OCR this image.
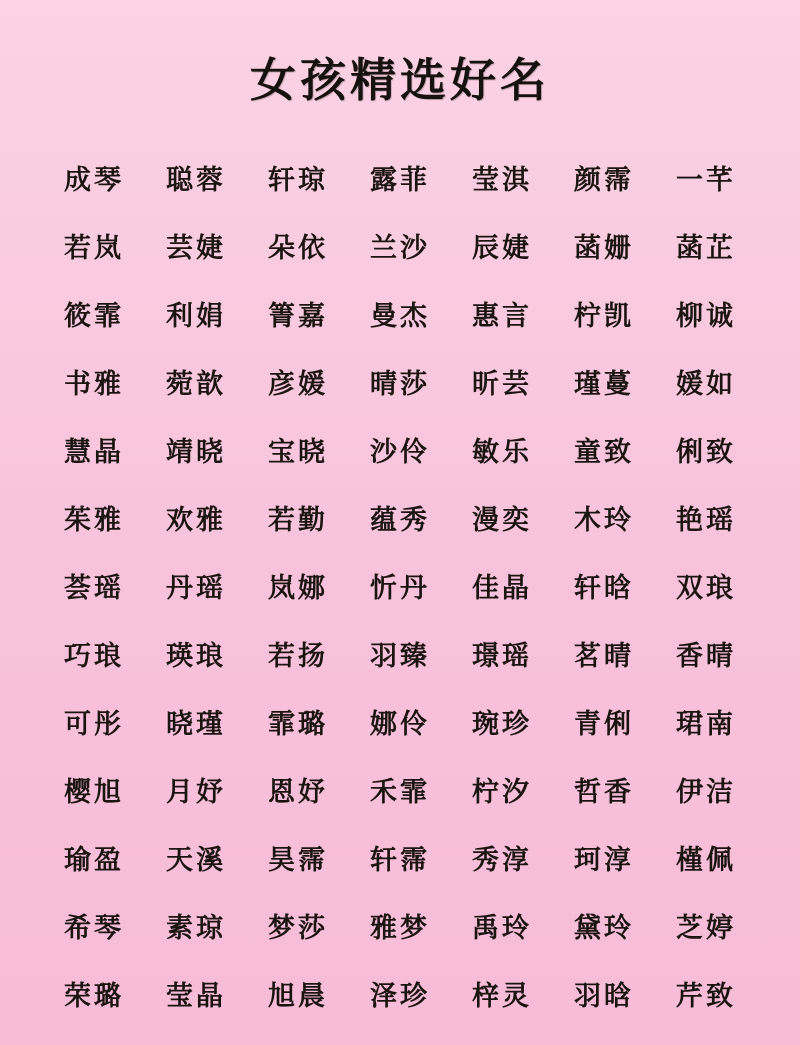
女孩精选好名
成琴	聪蓉	轩琼	露菲	莹淇	颜霈	一芊
若岚	芸婕	朵依	兰沙	辰婕	菡姗	菡芷
筱霏	利娟	箐嘉	曼杰	惠言	柠凯	柳诚
书雅	菀歆	彦媛	晴莎	昕芸	瑾蔓	媛如
慧晶	靖晓	宝晓	沙伶	敏乐	童致	俐致
茱雅	欢雅	若勤	蕴秀	漫奕	木玲	艳瑶
荟瑶	丹瑶	岚娜	忻丹	佳晶	轩晗	双琅
巧琅	瑛琅	若扬	羽臻	璟瑶	茗晴	香晴
可彤	晓瑾	霏璐	娜伶	琬珍	青俐	珺南
樱旭	月妤	恩妤	禾霏	柠汐	哲香	伊洁
瑜盈	天溪	昊霈	轩霈	秀淳	珂淳	槿佩
希琴	素琼	梦莎	雅梦	禹玲	黛玲	芝婷
荣璐	莹晶	旭晨	泽珍	梓灵	羽晗	芹致
